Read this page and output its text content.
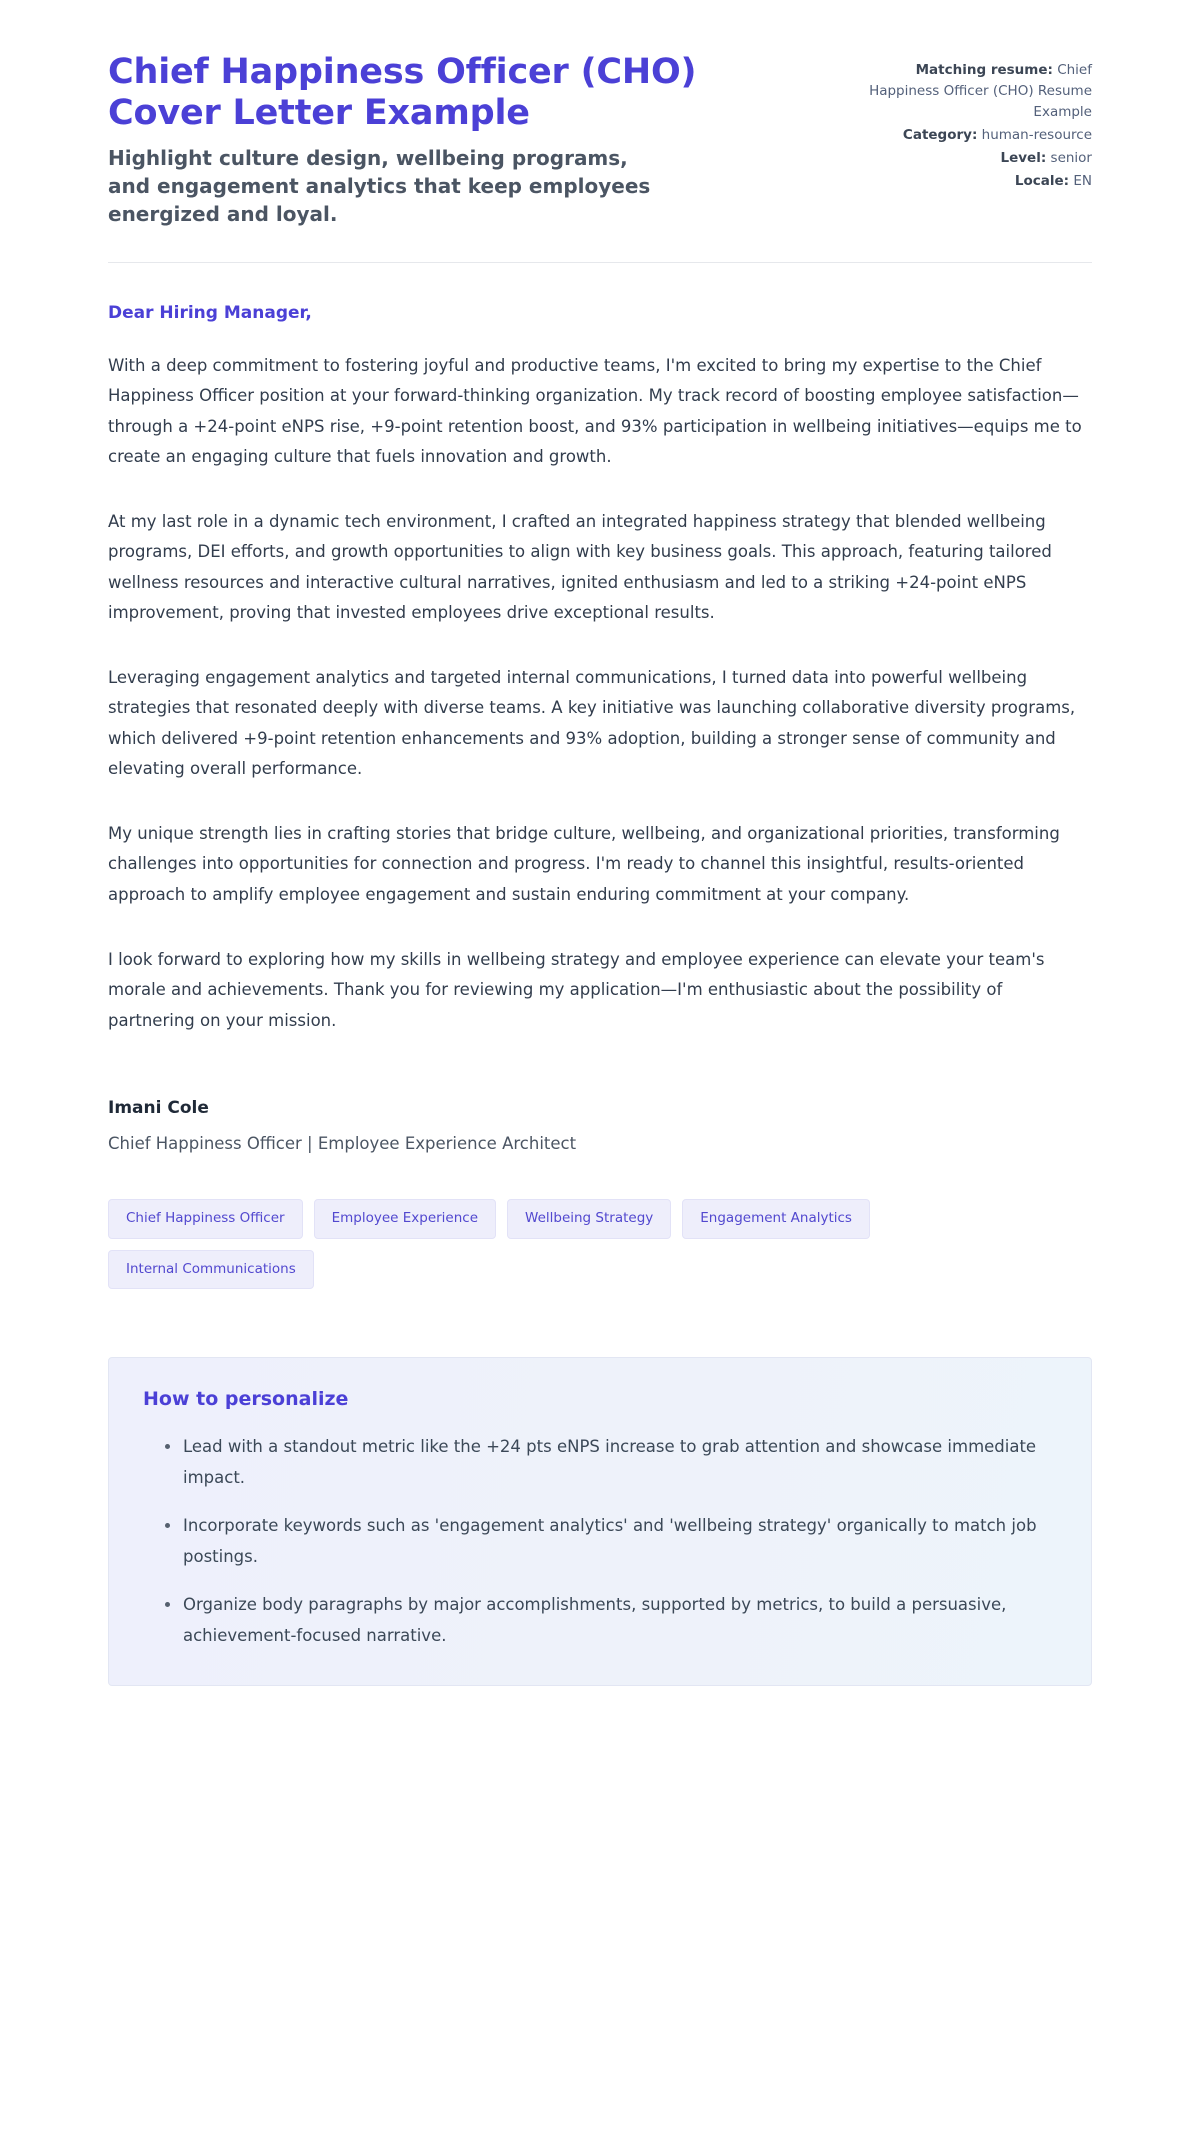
Chief Happiness Officer (CHO) Cover Letter Example

Highlight culture design, wellbeing programs, and engagement analytics that keep employees energized and loyal.

Matching resume: Chief Happiness Officer (CHO) Resume Example
Category: human-resource
Level: senior
Locale: EN

Dear Hiring Manager,

With a deep commitment to fostering joyful and productive teams, I'm excited to bring my expertise to the Chief Happiness Officer position at your forward-thinking organization. My track record of boosting employee satisfaction—through a +24-point eNPS rise, +9-point retention boost, and 93% participation in wellbeing initiatives—equips me to create an engaging culture that fuels innovation and growth.

At my last role in a dynamic tech environment, I crafted an integrated happiness strategy that blended wellbeing programs, DEI efforts, and growth opportunities to align with key business goals. This approach, featuring tailored wellness resources and interactive cultural narratives, ignited enthusiasm and led to a striking +24-point eNPS improvement, proving that invested employees drive exceptional results.

Leveraging engagement analytics and targeted internal communications, I turned data into powerful wellbeing strategies that resonated deeply with diverse teams. A key initiative was launching collaborative diversity programs, which delivered +9-point retention enhancements and 93% adoption, building a stronger sense of community and elevating overall performance.

My unique strength lies in crafting stories that bridge culture, wellbeing, and organizational priorities, transforming challenges into opportunities for connection and progress. I'm ready to channel this insightful, results-oriented approach to amplify employee engagement and sustain enduring commitment at your company.

I look forward to exploring how my skills in wellbeing strategy and employee experience can elevate your team's morale and achievements. Thank you for reviewing my application—I'm enthusiastic about the possibility of partnering on your mission.

Imani Cole

Chief Happiness Officer | Employee Experience Architect

Chief Happiness Officer	Employee Experience	Wellbeing Strategy	Engagement Analytics
Internal Communications
How to personalize
Lead with a standout metric like the +24 pts eNPS increase to grab attention and showcase immediate impact.
Incorporate keywords such as 'engagement analytics' and 'wellbeing strategy' organically to match job postings.
Organize body paragraphs by major accomplishments, supported by metrics, to build a persuasive, achievement-focused narrative.
